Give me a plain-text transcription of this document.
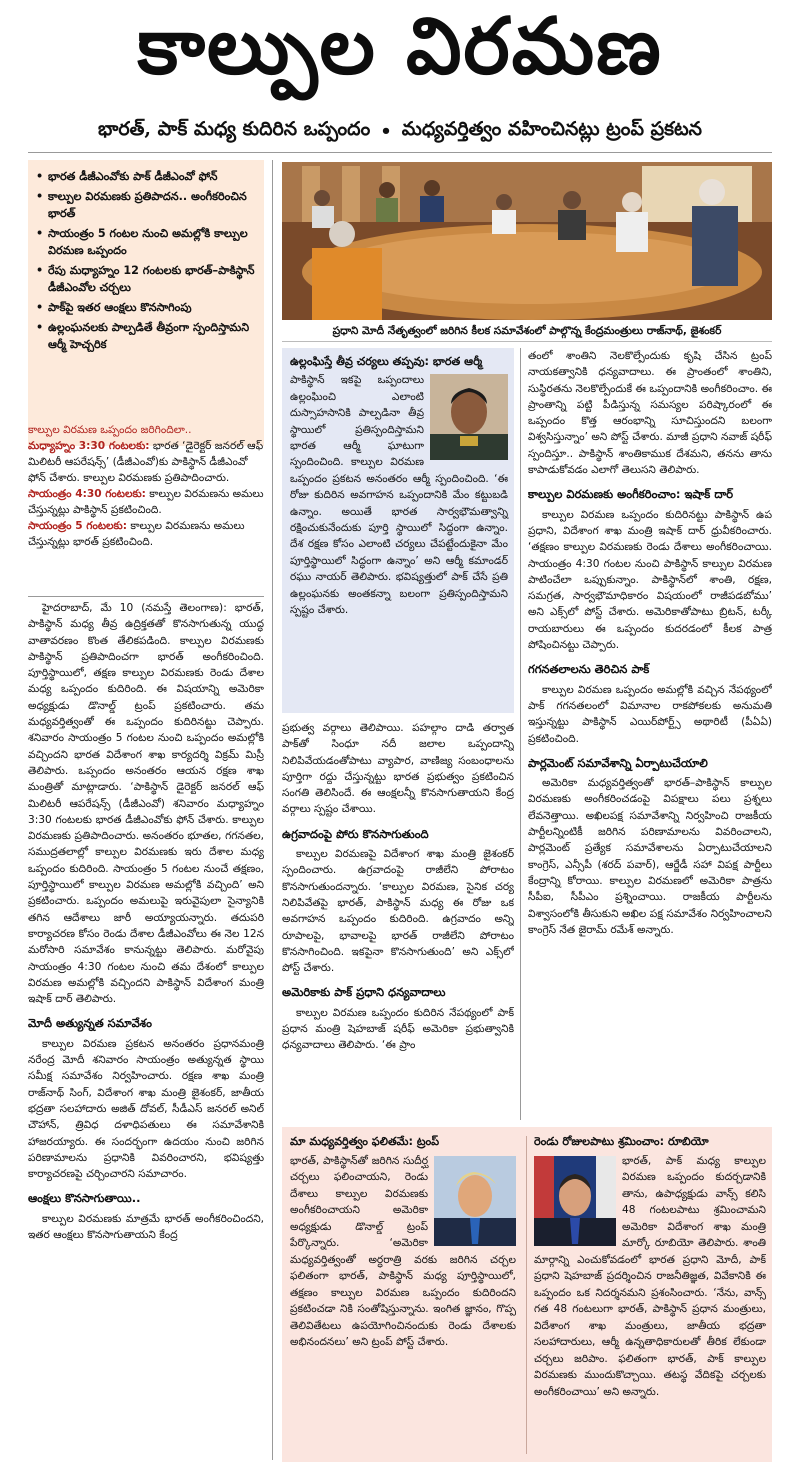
కాల్పుల విరమణ
భారత్, పాక్ మధ్య కుదిరిన ఒప్పందం • మధ్యవర్తిత్వం వహించినట్లు ట్రంప్ ప్రకటన
• భారత డీజీఎంవోకు పాక్ డీజీఎంవో ఫోన్
• కాల్పుల విరమణకు ప్రతిపాదన.. అంగీకరించిన భారత్
• సాయంత్రం 5 గంటల నుంచి అమల్లోకి కాల్పుల విరమణ ఒప్పందం
• రేపు మధ్యాహ్నం 12 గంటలకు భారత్–పాకిస్థాన్ డీజీఎంవోల చర్చలు
• పాక్‌పై ఇతర ఆంక్షలు కొనసాగింపు
• ఉల్లంఘనలకు పాల్పడితే తీవ్రంగా స్పందిస్తామని ఆర్మీ హెచ్చరిక
కాల్పుల విరమణ ఒప్పందం జరిగిందిలా..
మధ్యాహ్నం 3:30 గంటలకు: భారత ‘డైరెక్టర్ జనరల్ ఆఫ్ మిలిటరీ ఆపరేషన్స్’ (డీజీఎంవో)కు పాకిస్థాన్ డీజీఎంవో ఫోన్ చేశారు. కాల్పుల విరమణకు ప్రతిపాదించారు.
సాయంత్రం 4:30 గంటలకు: కాల్పుల విరమణను అమలు చేస్తున్నట్లు పాకిస్థాన్ ప్రకటించింది.
సాయంత్రం 5 గంటలకు: కాల్పుల విరమణను అమలు చేస్తున్నట్లు భారత్ ప్రకటించింది.

హైదరాబాద్, మే 10 (నమస్తే తెలంగాణ): భారత్, పాకిస్థాన్ మధ్య తీవ్ర ఉద్రిక్తతతో కొనసాగుతున్న యుద్ధ వాతావరణం కొంత తేలికపడింది. కాల్పుల విరమణకు పాకిస్థాన్ ప్రతిపాదించగా భారత్ అంగీకరించింది. పూర్తిస్థాయిలో, తక్షణ కాల్పుల విరమణకు రెండు దేశాల మధ్య ఒప్పందం కుదిరింది. ఈ విషయాన్ని అమెరికా అధ్యక్షుడు డొనాల్డ్ ట్రంప్ ప్రకటించారు. తమ మధ్యవర్తిత్వంతో ఈ ఒప్పందం కుదిరినట్టు చెప్పారు. శనివారం సాయంత్రం 5 గంటల నుంచి ఒప్పందం అమల్లోకి వచ్చిందని భారత విదేశాంగ శాఖ కార్యదర్శి విక్రమ్ మిస్రీ తెలిపారు. ఒప్పందం అనంతరం ఆయన రక్షణ శాఖ మంత్రితో మాట్లాడారు. ‘పాకిస్థాన్ డైరెక్టర్ జనరల్ ఆఫ్ మిలిటరీ ఆపరేషన్స్ (డీజీఎంవో) శనివారం మధ్యాహ్నం 3:30 గంటలకు భారత డీజీఎంవోకు ఫోన్ చేశారు. కాల్పుల విరమణకు ప్రతిపాదించారు. అనంతరం భూతల, గగనతల, సముద్రతలాల్లో కాల్పుల విరమణకు ఇరు దేశాల మధ్య ఒప్పందం కుదిరింది. సాయంత్రం 5 గంటల నుంచే తక్షణం, పూర్తిస్థాయిలో కాల్పుల విరమణ అమల్లోకి వచ్చింది’ అని ప్రకటించారు. ఒప్పందం అమలుపై ఇరువైపులా సైన్యానికి తగిన ఆదేశాలు జారీ అయ్యాయన్నారు. తదుపరి కార్యాచరణ కోసం రెండు దేశాల డీజీఎంవోలు ఈ నెల 12న మరోసారి సమావేశం కానున్నట్టు తెలిపారు. మరోవైపు సాయంత్రం 4:30 గంటల నుంచి తమ దేశంలో కాల్పుల విరమణ అమల్లోకి వచ్చిందని పాకిస్థాన్ విదేశాంగ మంత్రి ఇషాక్ దార్ తెలిపారు.

మోదీ అత్యున్నత సమావేశం

కాల్పుల విరమణ ప్రకటన అనంతరం ప్రధానమంత్రి నరేంద్ర మోదీ శనివారం సాయంత్రం అత్యున్నత స్థాయి సమీక్ష సమావేశం నిర్వహించారు. రక్షణ శాఖ మంత్రి రాజ్‌నాథ్ సింగ్, విదేశాంగ శాఖ మంత్రి జైశంకర్, జాతీయ భద్రతా సలహాదారు అజిత్ దోవల్, సీడీఎస్ జనరల్ అనిల్ చౌహాన్, త్రివిధ దళాధిపతులు ఈ సమావేశానికి హాజరయ్యారు. ఈ సందర్భంగా ఉదయం నుంచి జరిగిన పరిణామాలను ప్రధానికి వివరించారని, భవిష్యత్తు కార్యాచరణపై చర్చించారని సమాచారం.

ఆంక్షలు కొనసాగుతాయి..

కాల్పుల విరమణకు మాత్రమే భారత్ అంగీకరించిందని, ఇతర ఆంక్షలు కొనసాగుతాయని కేంద్ర

ప్రధాని మోదీ నేతృత్వంలో జరిగిన కీలక సమావేశంలో పాల్గొన్న కేంద్రమంత్రులు రాజ్‌నాథ్, జైశంకర్
ఉల్లంఘిస్తే తీవ్ర చర్యలు తప్పవు: భారత ఆర్మీ
పాకిస్థాన్ ఇకపై ఒప్పందాలు ఉల్లంఘించి ఎలాంటి దుస్సాహసానికి పాల్పడినా తీవ్ర స్థాయిలో ప్రతిస్పందిస్తామని భారత ఆర్మీ ఘాటుగా స్పందించింది. కాల్పుల విరమణ ఒప్పందం ప్రకటన అనంతరం ఆర్మీ స్పందించింది. ‘ఈ రోజు కుదిరిన అవగాహన ఒప్పందానికి మేం కట్టుబడి ఉన్నాం. అయితే భారత సార్వభౌమత్వాన్ని రక్షించుకునేందుకు పూర్తి స్థాయిలో సిద్ధంగా ఉన్నాం. దేశ రక్షణ కోసం ఎలాంటి చర్యలు చేపట్టేందుకైనా మేం పూర్తిస్థాయిలో సిద్ధంగా ఉన్నాం’ అని ఆర్మీ కమాండర్ రఘు నాయర్ తెలిపారు. భవిష్యత్తులో పాక్ చేసే ప్రతి ఉల్లంఘనకు అంతకన్నా బలంగా ప్రతిస్పందిస్తామని స్పష్టం చేశారు.

ప్రభుత్వ వర్గాలు తెలిపాయి. పహల్గాం దాడి తర్వాత పాక్‌తో సింధూ నదీ జలాల ఒప్పందాన్ని నిలిపివేయడంతోపాటు వ్యాపార, వాణిజ్య సంబంధాలను పూర్తిగా రద్దు చేస్తున్నట్టు భారత ప్రభుత్వం ప్రకటించిన సంగతి తెలిసిందే. ఈ ఆంక్షలన్నీ కొనసాగుతాయని కేంద్ర వర్గాలు స్పష్టం చేశాయి.

ఉగ్రవాదంపై పోరు కొనసాగుతుంది

కాల్పుల విరమణపై విదేశాంగ శాఖ మంత్రి జైశంకర్ స్పందించారు. ఉగ్రవాదంపై రాజీలేని పోరాటం కొనసాగుతుందన్నారు. ‘కాల్పుల విరమణ, సైనిక చర్య నిలిపివేతపై భారత్, పాకిస్థాన్ మధ్య ఈ రోజు ఒక అవగాహన ఒప్పందం కుదిరింది. ఉగ్రవాదం అన్ని రూపాలపై, భావాలపై భారత్ రాజీలేని పోరాటం కొనసాగించింది. ఇకపైనా కొనసాగుతుంది’ అని ఎక్స్‌లో పోస్ట్ చేశారు.

అమెరికాకు పాక్ ప్రధాని ధన్యవాదాలు

కాల్పుల విరమణ ఒప్పందం కుదిరిన నేపథ్యంలో పాక్ ప్రధాన మంత్రి షెహబాజ్ షరీఫ్ అమెరికా ప్రభుత్వానికి ధన్యవాదాలు తెలిపారు. ‘ఈ ప్రాం

తంలో శాంతిని నెలకొల్పేందుకు కృషి చేసిన ట్రంప్ నాయకత్వానికి ధన్యవాదాలు. ఈ ప్రాంతంలో శాంతిని, సుస్థిరతను నెలకొల్పేందుకే ఈ ఒప్పందానికి అంగీకరించాం. ఈ ప్రాంతాన్ని పట్టి పీడిస్తున్న సమస్యల పరిష్కారంలో ఈ ఒప్పందం కొత్త ఆరంభాన్ని సూచిస్తుందని బలంగా విశ్వసిస్తున్నాం’ అని పోస్ట్ చేశారు. మాజీ ప్రధాని నవాజ్ షరీఫ్ స్పందిస్తూ.. పాకిస్థాన్ శాంతికాముక దేశమని, తనను తాను కాపాడుకోవడం ఎలాగో తెలుసని తెలిపారు.

కాల్పుల విరమణకు అంగీకరించాం: ఇషాక్ దార్

కాల్పుల విరమణ ఒప్పందం కుదిరినట్టు పాకిస్థాన్ ఉప ప్రధాని, విదేశాంగ శాఖ మంత్రి ఇషాక్ దార్ ధ్రువీకరించారు. ‘తక్షణం కాల్పుల విరమణకు రెండు దేశాలు అంగీకరించాయి. సాయంత్రం 4:30 గంటల నుంచి పాకిస్థాన్ కాల్పుల విరమణ పాటించేలా ఒప్పుకున్నాం. పాకిస్థాన్‌లో శాంతి, రక్షణ, సమగ్రత, సార్వభౌమాధికారం విషయంలో రాజీపడబోము’ అని ఎక్స్‌లో పోస్ట్ చేశారు. అమెరికాతోపాటు బ్రిటన్, టర్కీ రాయబారులు ఈ ఒప్పందం కుదరడంలో కీలక పాత్ర పోషించినట్టు చెప్పారు.

గగనతలాలను తెరిచిన పాక్

కాల్పుల విరమణ ఒప్పందం అమల్లోకి వచ్చిన నేపథ్యంలో పాక్ గగనతలంలో విమానాల రాకపోకలకు అనుమతి ఇస్తున్నట్టు పాకిస్థాన్ ఎయిర్‌పోర్ట్స్ అథారిటీ (పీఏఏ) ప్రకటించింది.

పార్లమెంట్ సమావేశాన్ని ఏర్పాటుచేయాలి

అమెరికా మధ్యవర్తిత్వంతో భారత్–పాకిస్థాన్ కాల్పుల విరమణకు అంగీకరించడంపై విపక్షాలు పలు ప్రశ్నలు లేవనెత్తాయి. అఖిలపక్ష సమావేశాన్ని నిర్వహించి రాజకీయ పార్టీలన్నింటికీ జరిగిన పరిణామాలను వివరించాలని, పార్లమెంట్ ప్రత్యేక సమావేశాలను ఏర్పాటుచేయాలని కాంగ్రెస్, ఎన్సీపీ (శరద్ పవార్), ఆర్జేడీ సహా విపక్ష పార్టీలు కేంద్రాన్ని కోరాయి. కాల్పుల విరమణలో అమెరికా పాత్రను సీపీఐ, సీపీఎం ప్రశ్నించాయి. రాజకీయ పార్టీలను విశ్వాసంలోకి తీసుకుని అఖిల పక్ష సమావేశం నిర్వహించాలని కాంగ్రెస్ నేత జైరామ్ రమేశ్ అన్నారు.

మా మధ్యవర్తిత్వం ఫలితమే: ట్రంప్
భారత్, పాకిస్థాన్‌తో జరిగిన సుదీర్ఘ చర్చలు ఫలించాయని, రెండు దేశాలు కాల్పుల విరమణకు అంగీకరించాయని అమెరికా అధ్యక్షుడు డొనాల్డ్ ట్రంప్ పేర్కొన్నారు. ‘అమెరికా మధ్యవర్తిత్వంతో అర్ధరాత్రి వరకు జరిగిన చర్చల ఫలితంగా భారత్, పాకిస్థాన్ మధ్య పూర్తిస్థాయిలో, తక్షణం కాల్పుల విరమణ ఒప్పందం కుదిరిందని ప్రకటించడా నికి సంతోషిస్తున్నాను. ఇంగిత జ్ఞానం, గొప్ప తెలివితేటలు ఉపయోగించినందుకు రెండు దేశాలకు అభినందనలు’ అని ట్రంప్ పోస్ట్ చేశారు.
రెండు రోజులపాటు శ్రమించాం: రూబియో
భారత్, పాక్ మధ్య కాల్పుల విరమణ ఒప్పందం కుదర్చడానికి తాను, ఉపాధ్యక్షుడు వాన్స్ కలిసి 48 గంటలపాటు శ్రమించామని అమెరికా విదేశాంగ శాఖ మంత్రి మార్కో రూబియో తెలిపారు. శాంతి మార్గాన్ని ఎంచుకోవడంలో భారత ప్రధాని మోదీ, పాక్ ప్రధాని షెహబాజ్ ప్రదర్శించిన రాజనీతిజ్ఞత, వివేకానికి ఈ ఒప్పందం ఒక నిదర్శనమని ప్రశంసించారు. ‘నేను, వాన్స్ గత 48 గంటలుగా భారత్, పాకిస్థాన్ ప్రధాన మంత్రులు, విదేశాంగ శాఖ మంత్రులు, జాతీయ భద్రతా సలహాదారులు, ఆర్మీ ఉన్నతాధికారులతో తీరిక లేకుండా చర్చలు జరిపాం. ఫలితంగా భారత్, పాక్ కాల్పుల విరమణకు ముందుకొచ్చాయి. తటస్థ వేదికపై చర్చలకు అంగీకరించాయి’ అని అన్నారు.
